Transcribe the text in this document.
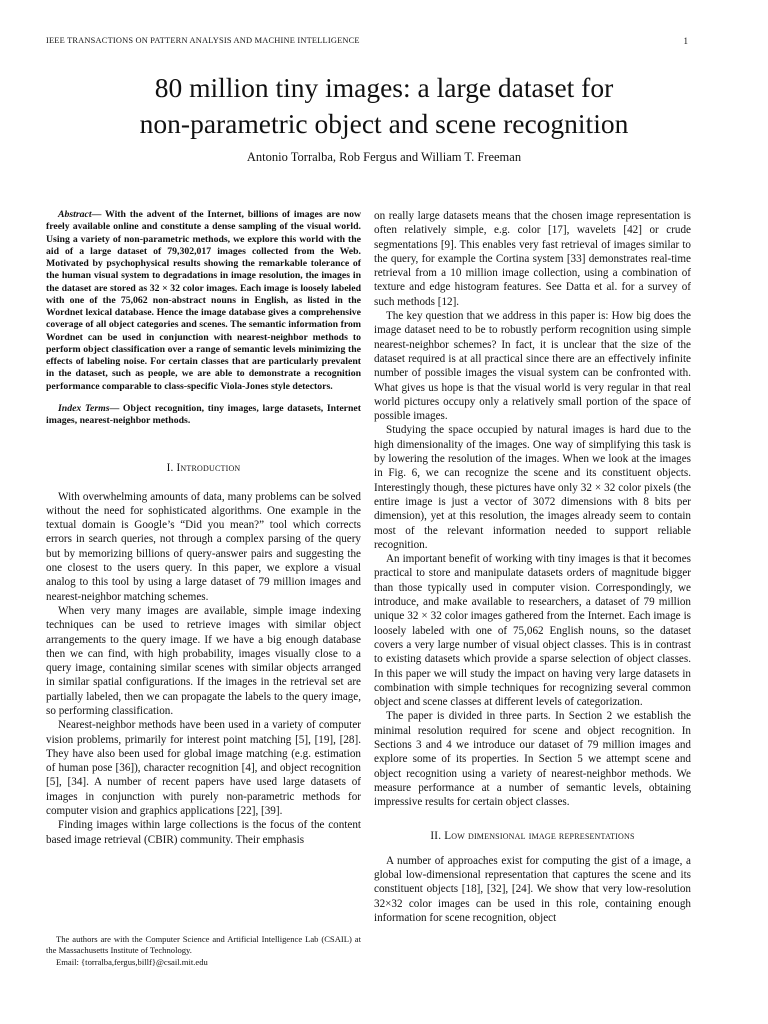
IEEE TRANSACTIONS ON PATTERN ANALYSIS AND MACHINE INTELLIGENCE	1
80 million tiny images: a large dataset for
non-parametric object and scene recognition
Antonio Torralba, Rob Fergus and William T. Freeman

Abstract— With the advent of the Internet, billions of images are now freely available online and constitute a dense sampling of the visual world. Using a variety of non-parametric methods, we explore this world with the aid of a large dataset of 79,302,017 images collected from the Web. Motivated by psychophysical results showing the remarkable tolerance of the human visual system to degradations in image resolution, the images in the dataset are stored as 32 × 32 color images. Each image is loosely labeled with one of the 75,062 non-abstract nouns in English, as listed in the Wordnet lexical database. Hence the image database gives a comprehensive coverage of all object categories and scenes. The semantic information from Wordnet can be used in conjunction with nearest-neighbor methods to perform object classification over a range of semantic levels minimizing the effects of labeling noise. For certain classes that are particularly prevalent in the dataset, such as people, we are able to demonstrate a recognition performance comparable to class-specific Viola-Jones style detectors.

Index Terms— Object recognition, tiny images, large datasets, Internet images, nearest-neighbor methods.

I. Introduction

With overwhelming amounts of data, many problems can be solved without the need for sophisticated algorithms. One example in the textual domain is Google’s “Did you mean?” tool which corrects errors in search queries, not through a complex parsing of the query but by memorizing billions of query-answer pairs and suggesting the one closest to the users query. In this paper, we explore a visual analog to this tool by using a large dataset of 79 million images and nearest-neighbor matching schemes.

When very many images are available, simple image indexing techniques can be used to retrieve images with similar object arrangements to the query image. If we have a big enough database then we can find, with high probability, images visually close to a query image, containing similar scenes with similar objects arranged in similar spatial configurations. If the images in the retrieval set are partially labeled, then we can propagate the labels to the query image, so performing classification.

Nearest-neighbor methods have been used in a variety of computer vision problems, primarily for interest point matching [5], [19], [28]. They have also been used for global image matching (e.g. estimation of human pose [36]), character recognition [4], and object recognition [5], [34]. A number of recent papers have used large datasets of images in conjunction with purely non-parametric methods for computer vision and graphics applications [22], [39].

Finding images within large collections is the focus of the content based image retrieval (CBIR) community. Their emphasis

The authors are with the Computer Science and Artificial Intelligence Lab (CSAIL) at the Massachusetts Institute of Technology.

Email: {torralba,fergus,billf}@csail.mit.edu

on really large datasets means that the chosen image representation is often relatively simple, e.g. color [17], wavelets [42] or crude segmentations [9]. This enables very fast retrieval of images similar to the query, for example the Cortina system [33] demonstrates real-time retrieval from a 10 million image collection, using a combination of texture and edge histogram features. See Datta et al. for a survey of such methods [12].

The key question that we address in this paper is: How big does the image dataset need to be to robustly perform recognition using simple nearest-neighbor schemes? In fact, it is unclear that the size of the dataset required is at all practical since there are an effectively infinite number of possible images the visual system can be confronted with. What gives us hope is that the visual world is very regular in that real world pictures occupy only a relatively small portion of the space of possible images.

Studying the space occupied by natural images is hard due to the high dimensionality of the images. One way of simplifying this task is by lowering the resolution of the images. When we look at the images in Fig. 6, we can recognize the scene and its constituent objects. Interestingly though, these pictures have only 32 × 32 color pixels (the entire image is just a vector of 3072 dimensions with 8 bits per dimension), yet at this resolution, the images already seem to contain most of the relevant information needed to support reliable recognition.

An important benefit of working with tiny images is that it becomes practical to store and manipulate datasets orders of magnitude bigger than those typically used in computer vision. Correspondingly, we introduce, and make available to researchers, a dataset of 79 million unique 32 × 32 color images gathered from the Internet. Each image is loosely labeled with one of 75,062 English nouns, so the dataset covers a very large number of visual object classes. This is in contrast to existing datasets which provide a sparse selection of object classes. In this paper we will study the impact on having very large datasets in combination with simple techniques for recognizing several common object and scene classes at different levels of categorization.

The paper is divided in three parts. In Section 2 we establish the minimal resolution required for scene and object recognition. In Sections 3 and 4 we introduce our dataset of 79 million images and explore some of its properties. In Section 5 we attempt scene and object recognition using a variety of nearest-neighbor methods. We measure performance at a number of semantic levels, obtaining impressive results for certain object classes.

II. Low dimensional image representations

A number of approaches exist for computing the gist of a image, a global low-dimensional representation that captures the scene and its constituent objects [18], [32], [24]. We show that very low-resolution 32×32 color images can be used in this role, containing enough information for scene recognition, object
